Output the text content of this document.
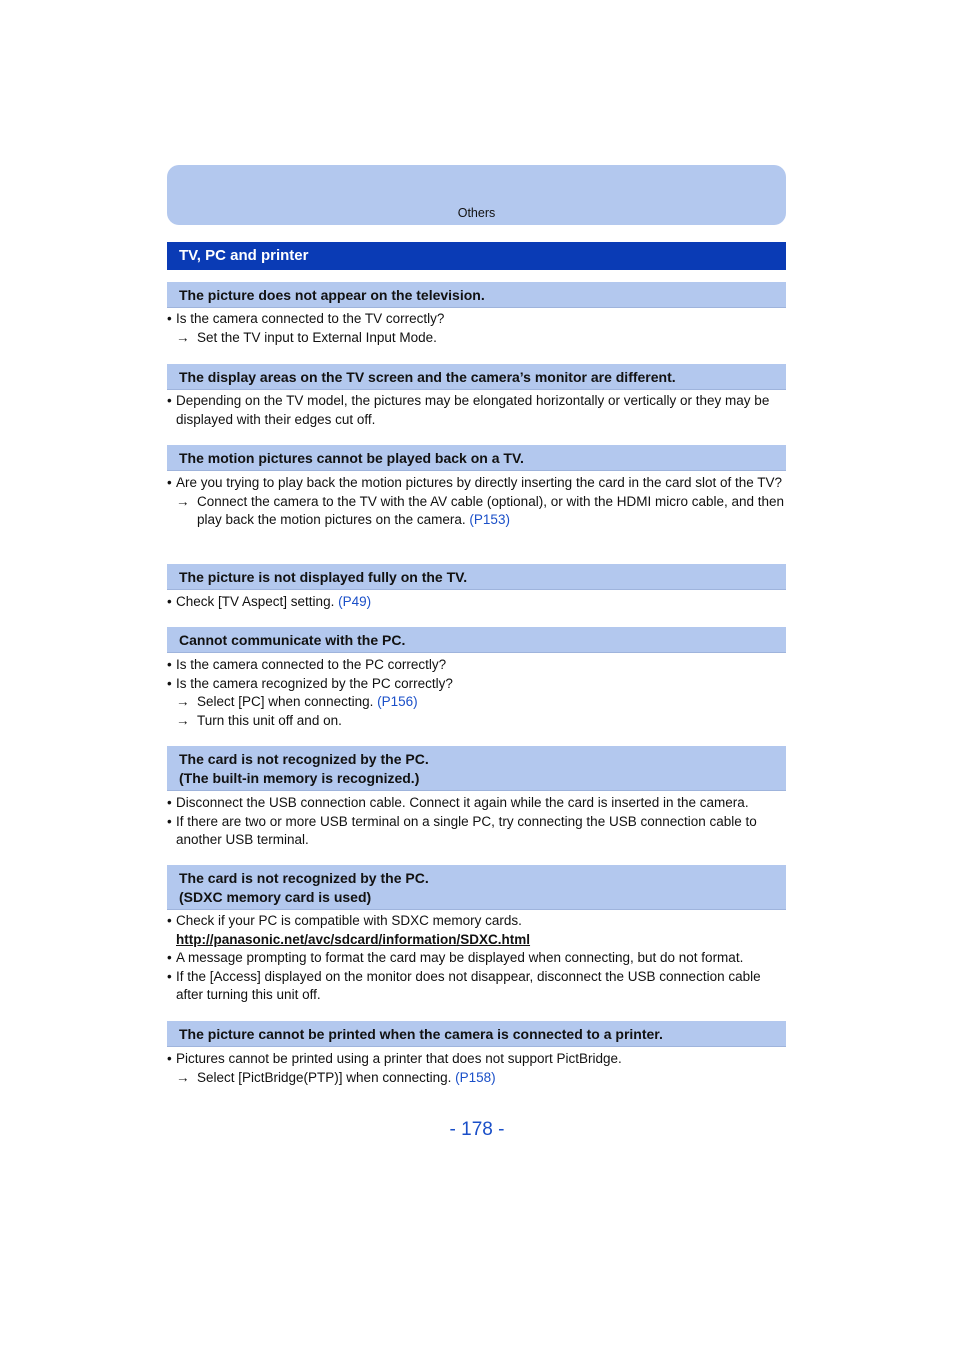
Others
TV, PC and printer
The picture does not appear on the television.
• Is the camera connected to the TV correctly?
→ Set the TV input to External Input Mode.
The display areas on the TV screen and the camera’s monitor are different.
• Depending on the TV model, the pictures may be elongated horizontally or vertically or they may be displayed with their edges cut off.
The motion pictures cannot be played back on a TV.
• Are you trying to play back the motion pictures by directly inserting the card in the card slot of the TV?
→ Connect the camera to the TV with the AV cable (optional), or with the HDMI micro cable, and then play back the motion pictures on the camera. (P153)
The picture is not displayed fully on the TV.
• Check [TV Aspect] setting. (P49)
Cannot communicate with the PC.
• Is the camera connected to the PC correctly?
• Is the camera recognized by the PC correctly?
→ Select [PC] when connecting. (P156)
→ Turn this unit off and on.
The card is not recognized by the PC.
(The built-in memory is recognized.)
• Disconnect the USB connection cable. Connect it again while the card is inserted in the camera.
• If there are two or more USB terminal on a single PC, try connecting the USB connection cable to another USB terminal.
The card is not recognized by the PC.
(SDXC memory card is used)
• Check if your PC is compatible with SDXC memory cards.
http://panasonic.net/avc/sdcard/information/SDXC.html
• A message prompting to format the card may be displayed when connecting, but do not format.
• If the [Access] displayed on the monitor does not disappear, disconnect the USB connection cable after turning this unit off.
The picture cannot be printed when the camera is connected to a printer.
• Pictures cannot be printed using a printer that does not support PictBridge.
→ Select [PictBridge(PTP)] when connecting. (P158)
- 178 -
